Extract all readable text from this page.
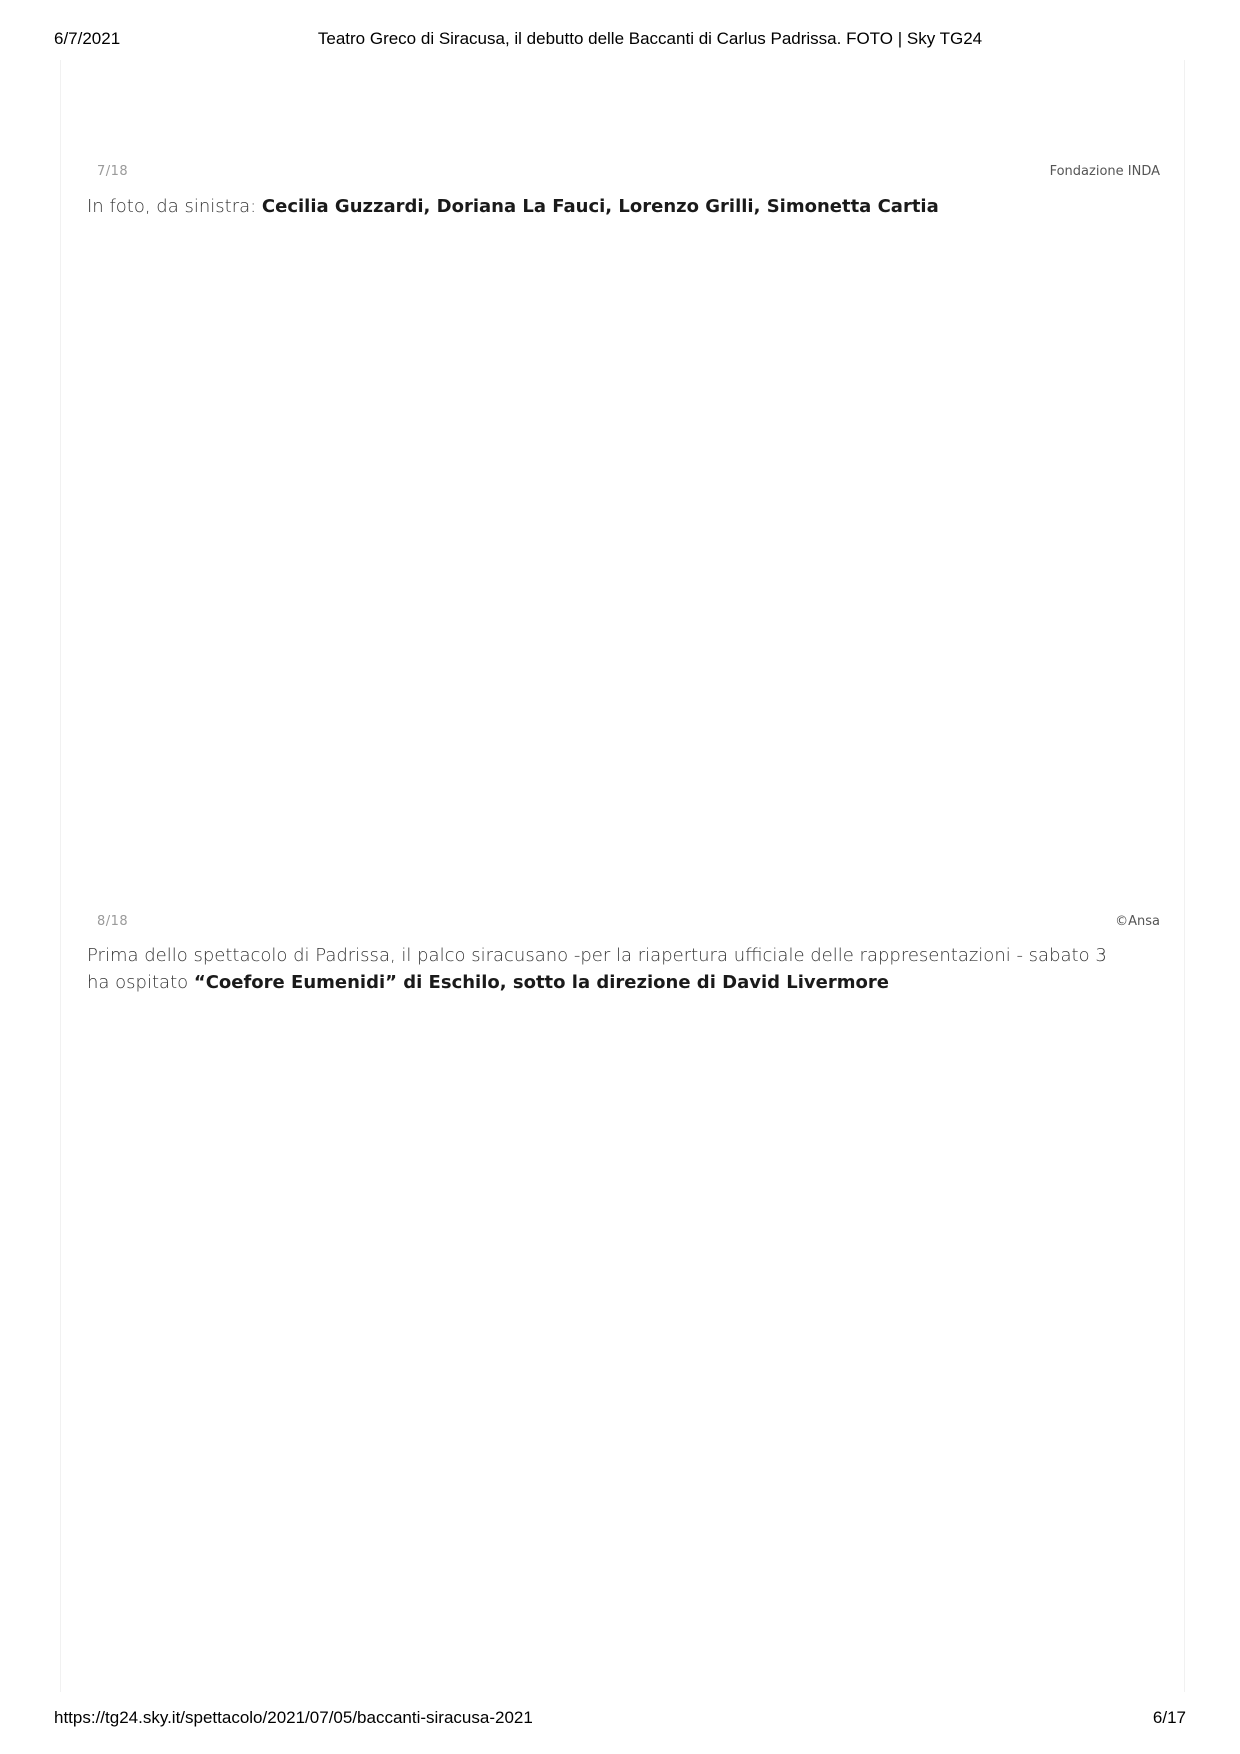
6/7/2021	Teatro Greco di Siracusa, il debutto delle Baccanti di Carlus Padrissa. FOTO | Sky TG24
7/18	Fondazione INDA

In foto, da sinistra: Cecilia Guzzardi, Doriana La Fauci, Lorenzo Grilli, Simonetta Cartia

8/18	©Ansa

Prima dello spettacolo di Padrissa, il palco siracusano -per la riapertura ufficiale delle rappresentazioni - sabato 3 ha ospitato “Coefore Eumenidi” di Eschilo, sotto la direzione di David Livermore

https://tg24.sky.it/spettacolo/2021/07/05/baccanti-siracusa-2021	6/17
